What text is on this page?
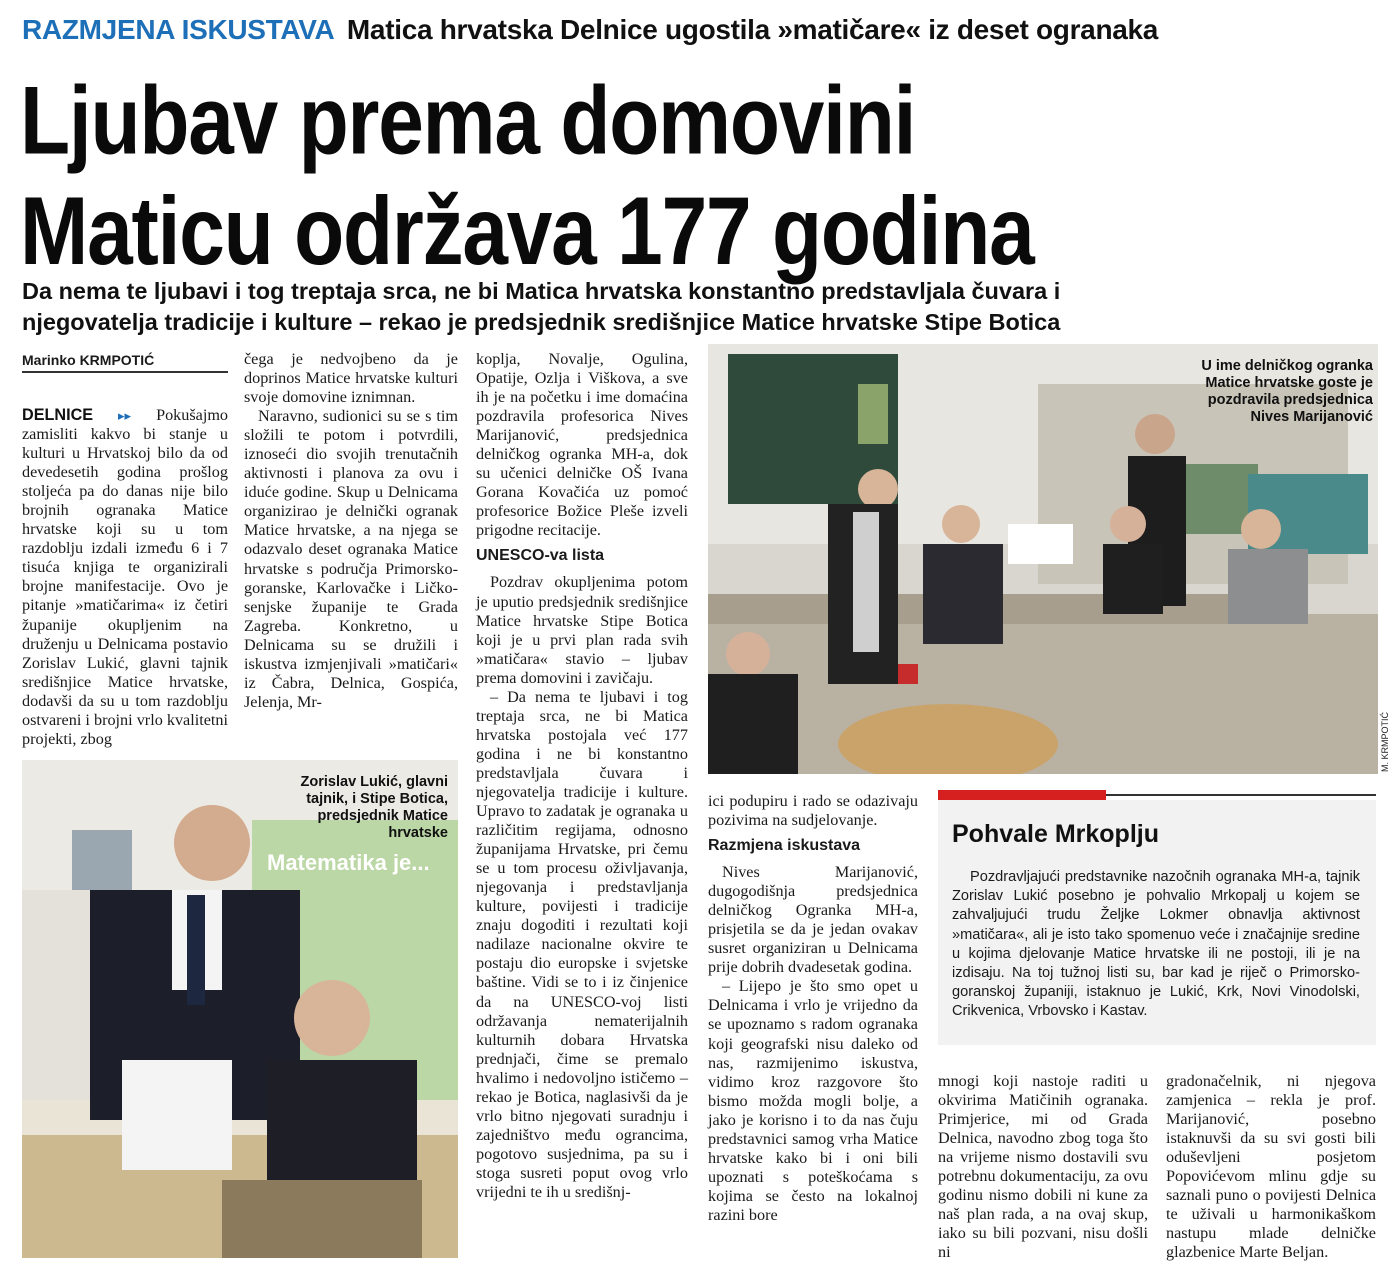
RAZMJENA ISKUSTAVA Matica hrvatska Delnice ugostila »matičare« iz deset ogranaka
Ljubav prema domovini
Maticu održava 177 godina
Da nema te ljubavi i tog treptaja srca, ne bi Matica hrvatska konstantno predstavljala čuvara i
njegovatelja tradicije i kulture – rekao je predsjednik središnjice Matice hrvatske Stipe Botica
Marinko KRMPOTIĆ

DELNICE ▸▸ Pokušajmo zamisliti kakvo bi stanje u kulturi u Hrvatskoj bilo da od devedesetih godina prošlog stoljeća pa do danas nije bilo brojnih ogranaka Matice hrvatske koji su u tom razdoblju izdali između 6 i 7 tisuća knjiga te organizirali brojne manifestacije. Ovo je pitanje »matičarima« iz četiri županije okupljenim na druženju u Delnicama postavio Zorislav Lukić, glavni tajnik središnjice Matice hrvatske, dodavši da su u tom razdoblju ostvareni i brojni vrlo kvalitetni projekti, zbog

čega je nedvojbeno da je doprinos Matice hrvatske kulturi svoje domovine iznimnan.

Naravno, sudionici su se s tim složili te potom i potvrdili, iznoseći dio svojih trenutačnih aktivnosti i planova za ovu i iduće godine. Skup u Delnicama organizirao je delnički ogranak Matice hrvatske, a na njega se odazvalo deset ogranaka Matice hrvatske s područja Primorsko-goranske, Karlovačke i Ličko-senjske županije te Grada Zagreba. Konkretno, u Delnicama su se družili i iskustva izmjenjivali »matičari« iz Čabra, Delnica, Gospića, Jelenja, Mr-

koplja, Novalje, Ogulina, Opatije, Ozlja i Viškova, a sve ih je na početku i ime domaćina pozdravila profesorica Nives Marijanović, predsjednica delničkog ogranka MH-a, dok su učenici delničke OŠ Ivana Gorana Kovačića uz pomoć profesorice Božice Pleše izveli prigodne recitacije.

UNESCO-va lista

Pozdrav okupljenima potom je uputio predsjednik središnjice Matice hrvatske Stipe Botica koji je u prvi plan rada svih »matičara« stavio – ljubav prema domovini i zavičaju.

– Da nema te ljubavi i tog treptaja srca, ne bi Matica hrvatska postojala već 177 godina i ne bi konstantno predstavljala čuvara i njegovatelja tradicije i kulture. Upravo to zadatak je ogranaka u različitim regijama, odnosno županijama Hrvatske, pri čemu se u tom procesu oživljavanja, njegovanja i predstavljanja kulture, povijesti i tradicije znaju dogoditi i rezultati koji nadilaze nacionalne okvire te postaju dio europske i svjetske baštine. Vidi se to i iz činjenice da na UNESCO-voj listi održavanja nematerijalnih kulturnih dobara Hrvatska prednjači, čime se premalo hvalimo i nedovoljno ističemo – rekao je Botica, naglasivši da je vrlo bitno njegovati suradnju i zajedništvo među ograncima, pogotovo susjednima, pa su i stoga susreti poput ovog vrlo vrijedni te ih u središnj-

ici podupiru i rado se odazivaju pozivima na sudjelovanje.

Razmjena iskustava

Nives Marijanović, dugogodišnja predsjednica delničkog Ogranka MH-a, prisjetila se da je jedan ovakav susret organiziran u Delnicama prije dobrih dvadesetak godina.

– Lijepo je što smo opet u Delnicama i vrlo je vrijedno da se upoznamo s radom ogranaka koji geografski nisu daleko od nas, razmijenimo iskustva, vidimo kroz razgovore što bismo možda mogli bolje, a jako je korisno i to da nas čuju predstavnici samog vrha Matice hrvatske kako bi i oni bili upoznati s poteškoćama s kojima se često na lokalnoj razini bore

mnogi koji nastoje raditi u okvirima Matičinih ogranaka. Primjerice, mi od Grada Delnica, navodno zbog toga što na vrijeme nismo dostavili svu potrebnu dokumentaciju, za ovu godinu nismo dobili ni kune za naš plan rada, a na ovaj skup, iako su bili pozvani, nisu došli ni

gradonačelnik, ni njegova zamjenica – rekla je prof. Marijanović, posebno istaknuvši da su svi gosti bili oduševljeni posjetom Popovićevom mlinu gdje su saznali puno o povijesti Delnica te uživali u harmonikaškom nastupu mlade delničke glazbenice Marte Beljan.

U ime delničkog ogranka Matice hrvatske goste je pozdravila predsjednica Nives Marijanović
M. KRMPOTIĆ
Matematika je...
Zorislav Lukić, glavni tajnik, i Stipe Botica, predsjednik Matice hrvatske	Pohvale Mrkoplju

Pozdravljajući predstavnike nazočnih ogranaka MH-a, tajnik Zorislav Lukić posebno je pohvalio Mrkopalj u kojem se zahvaljujući trudu Željke Lokmer obnavlja aktivnost »matičara«, ali je isto tako spomenuo veće i značajnije sredine u kojima djelovanje Matice hrvatske ili ne postoji, ili je na izdisaju. Na toj tužnoj listi su, bar kad je riječ o Primorsko-goranskoj županiji, istaknuo je Lukić, Krk, Novi Vinodolski, Crikvenica, Vrbovsko i Kastav.
